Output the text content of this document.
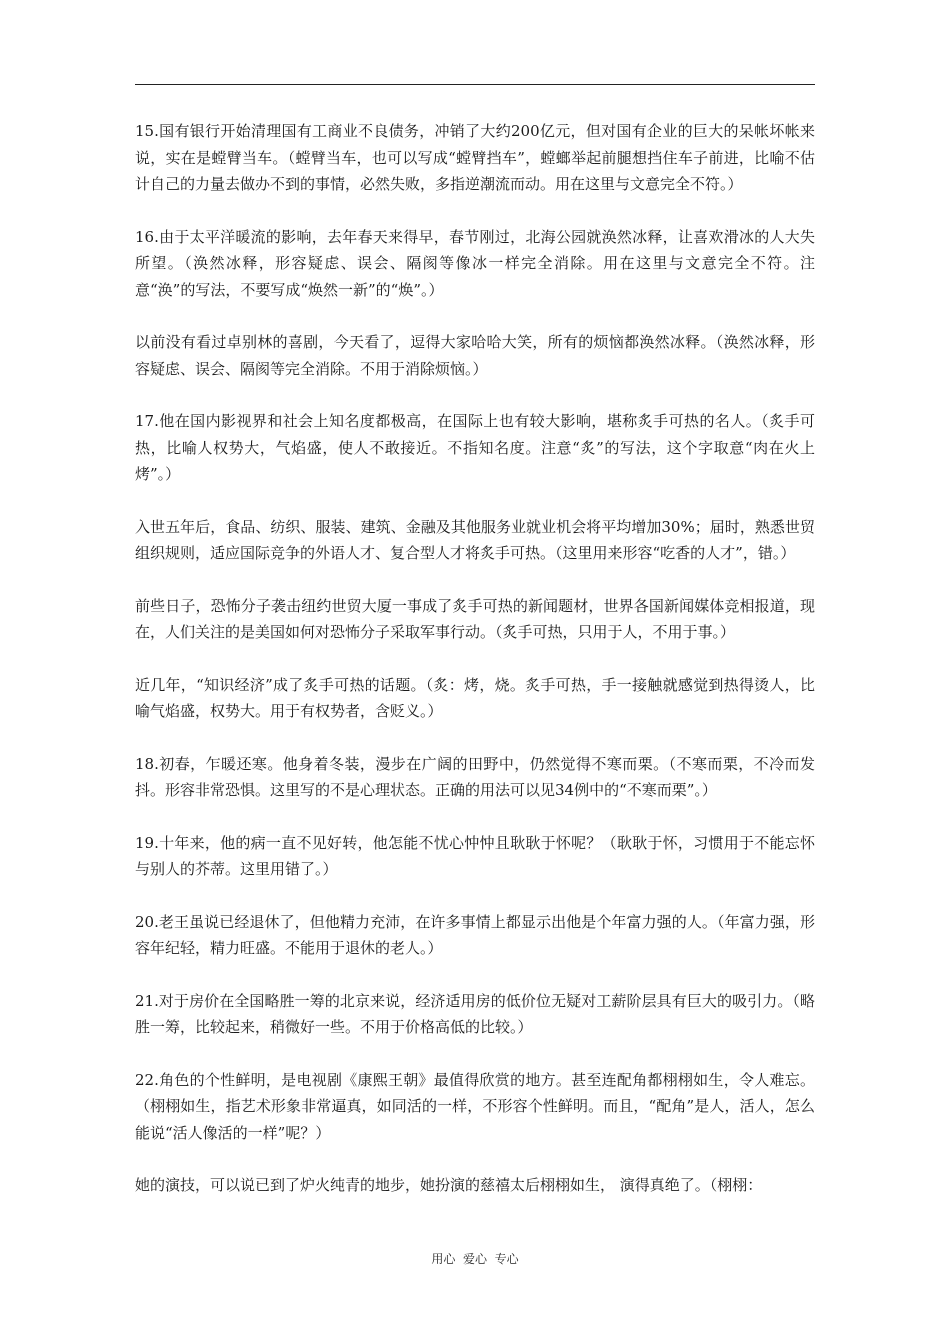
15.国有银行开始清理国有工商业不良债务，冲销了大约200亿元，但对国有企业的巨大的呆帐坏帐来说，实在是螳臂当车。（螳臂当车，也可以写成“螳臂挡车”，螳螂举起前腿想挡住车子前进，比喻不估计自己的力量去做办不到的事情，必然失败，多指逆潮流而动。用在这里与文意完全不符。）

16.由于太平洋暖流的影响，去年春天来得早，春节刚过，北海公园就涣然冰释，让喜欢滑冰的人大失所望。（涣然冰释，形容疑虑、误会、隔阂等像冰一样完全消除。用在这里与文意完全不符。注意“涣”的写法，不要写成“焕然一新”的“焕”。）

以前没有看过卓别林的喜剧，今天看了，逗得大家哈哈大笑，所有的烦恼都涣然冰释。（涣然冰释，形容疑虑、误会、隔阂等完全消除。不用于消除烦恼。）

17.他在国内影视界和社会上知名度都极高，在国际上也有较大影响，堪称炙手可热的名人。（炙手可热，比喻人权势大，气焰盛，使人不敢接近。不指知名度。注意“炙”的写法，这个字取意“肉在火上烤”。）

入世五年后，食品、纺织、服装、建筑、金融及其他服务业就业机会将平均增加30%；届时，熟悉世贸组织规则，适应国际竞争的外语人才、复合型人才将炙手可热。（这里用来形容“吃香的人才”，错。）

前些日子，恐怖分子袭击纽约世贸大厦一事成了炙手可热的新闻题材，世界各国新闻媒体竞相报道，现在，人们关注的是美国如何对恐怖分子采取军事行动。（炙手可热，只用于人，不用于事。）

近几年，“知识经济”成了炙手可热的话题。（炙：烤，烧。炙手可热，手一接触就感觉到热得烫人，比喻气焰盛，权势大。用于有权势者，含贬义。）

18.初春，乍暖还寒。他身着冬装，漫步在广阔的田野中，仍然觉得不寒而栗。（不寒而栗，不冷而发抖。形容非常恐惧。这里写的不是心理状态。正确的用法可以见34例中的“不寒而栗”。）

19.十年来，他的病一直不见好转，他怎能不忧心忡忡且耿耿于怀呢？（耿耿于怀，习惯用于不能忘怀与别人的芥蒂。这里用错了。）

20.老王虽说已经退休了，但他精力充沛，在许多事情上都显示出他是个年富力强的人。（年富力强，形容年纪轻，精力旺盛。不能用于退休的老人。）

21.对于房价在全国略胜一筹的北京来说，经济适用房的低价位无疑对工薪阶层具有巨大的吸引力。（略胜一筹，比较起来，稍微好一些。不用于价格高低的比较。）

22.角色的个性鲜明，是电视剧《康熙王朝》最值得欣赏的地方。甚至连配角都栩栩如生，令人难忘。（栩栩如生，指艺术形象非常逼真，如同活的一样，不形容个性鲜明。而且，“配角”是人，活人，怎么能说“活人像活的一样”呢？）

她的演技，可以说已到了炉火纯青的地步，她扮演的慈禧太后栩栩如生， 演得真绝了。（栩栩：

用心  爱心  专心
